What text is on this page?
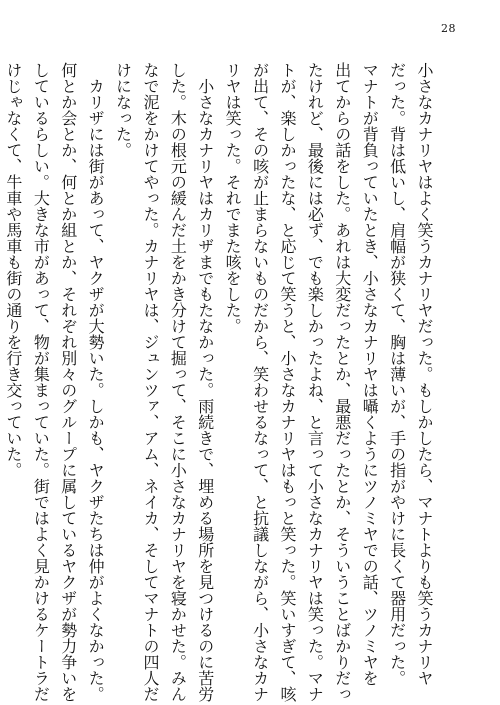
28
小さなカナリヤはよく笑うカナリヤだった。もしかしたら、マナトよりも笑うカナリヤ
だった。背は低いし、肩幅が狭くて、胸は薄いが、手の指がやけに長くて器用だった。
マナトが背負っていたとき、小さなカナリヤは囁くようにツノミヤでの話、ツノミヤを
出てからの話をした。あれは大変だったとか、最悪だったとか、そういうことばかりだっ
たけれど、最後には必ず、でも楽しかったよね、と言って小さなカナリヤは笑った。マナ
トが、楽しかったな、と応じて笑うと、小さなカナリヤはもっと笑った。笑いすぎて、咳
が出て、その咳が止まらないものだから、笑わせるなって、と抗議しながら、小さなカナ
リヤは笑った。それでまた咳をした。
　小さなカナリヤはカリザまでもたなかった。雨続きで、埋める場所を見つけるのに苦労
した。木の根元の緩んだ土をかき分けて掘って、そこに小さなカナリヤを寝かせた。みん
なで泥をかけてやった。カナリヤは、ジュンツァ、アム、ネイカ、そしてマナトの四人だ
けになった。
　カリザには街があって、ヤクザが大勢いた。しかも、ヤクザたちは仲がよくなかった。
何とか会とか、何とか組とか、それぞれ別々のグループに属しているヤクザが勢力争いを
しているらしい。大きな市があって、物が集まっていた。街ではよく見かけるケートラだ
けじゃなくて、牛車や馬車も街の通りを行き交っていた。
